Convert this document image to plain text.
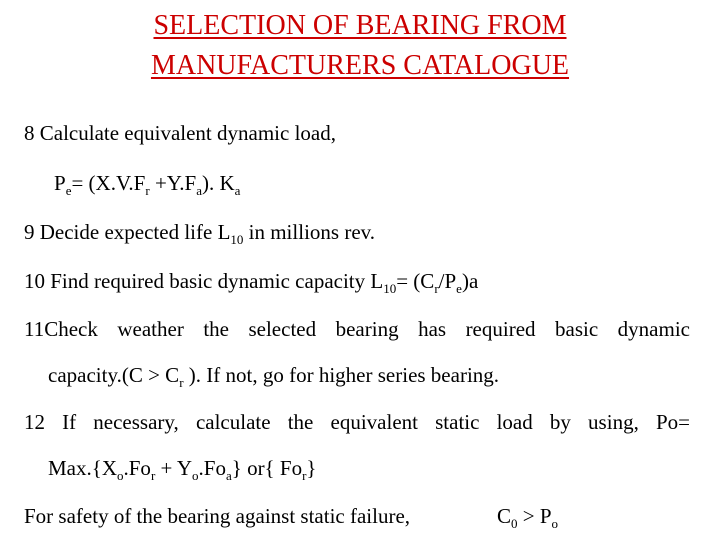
SELECTION OF BEARING FROM
MANUFACTURERS CATALOGUE
8 Calculate equivalent dynamic load,
$P_e= (X.V.F_r +Y.F_a)$. $K_a$
9 Decide expected life $L_{10}$ in millions rev.
10 Find required basic dynamic capacity $L_{10}= (C_r/P_e)a$
11Check weather the selected bearing has required basic dynamic
capacity.(C > $C_r$ ). If not, go for higher series bearing.
12 If necessary, calculate the equivalent static load by using, Po=
$Max.\{X_o.Fo_r + Y_o.Fo_a\}$ or{ $Fo_r$}
For safety of the bearing against static failure,	$C_0 > P_o$
